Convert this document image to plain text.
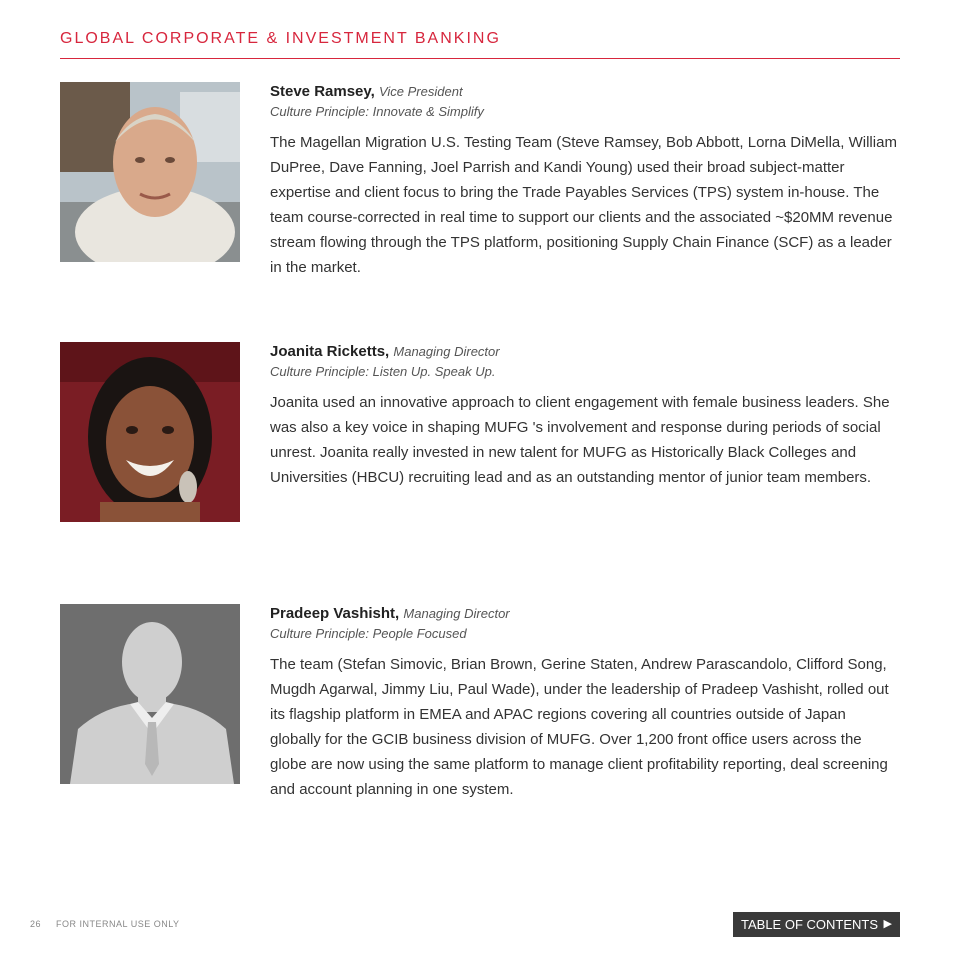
GLOBAL CORPORATE & INVESTMENT BANKING
Steve Ramsey, Vice President
Culture Principle: Innovate & Simplify
The Magellan Migration U.S. Testing Team (Steve Ramsey, Bob Abbott, Lorna DiMella, William DuPree, Dave Fanning, Joel Parrish and Kandi Young) used their broad subject-matter expertise and client focus to bring the Trade Payables Services (TPS) system in-house. The team course-corrected in real time to support our clients and the associated ~$20MM revenue stream flowing through the TPS platform, positioning Supply Chain Finance (SCF) as a leader in the market.
Joanita Ricketts, Managing Director
Culture Principle: Listen Up. Speak Up.
Joanita used an innovative approach to client engagement with female business leaders. She was also a key voice in shaping MUFG 's involvement and response during periods of social unrest. Joanita really invested in new talent for MUFG as Historically Black Colleges and Universities (HBCU) recruiting lead and as an outstanding mentor of junior team members.
Pradeep Vashisht, Managing Director
Culture Principle: People Focused
The team (Stefan Simovic, Brian Brown, Gerine Staten, Andrew Parascandolo, Clifford Song, Mugdh Agarwal, Jimmy Liu, Paul Wade), under the leadership of Pradeep Vashisht, rolled out its flagship platform in EMEA and APAC regions covering all countries outside of Japan globally for the GCIB business division of MUFG. Over 1,200 front office users across the globe are now using the same platform to manage client profitability reporting, deal screening and account planning in one system.
26 FOR INTERNAL USE ONLY	TABLE OF CONTENTS ▶
